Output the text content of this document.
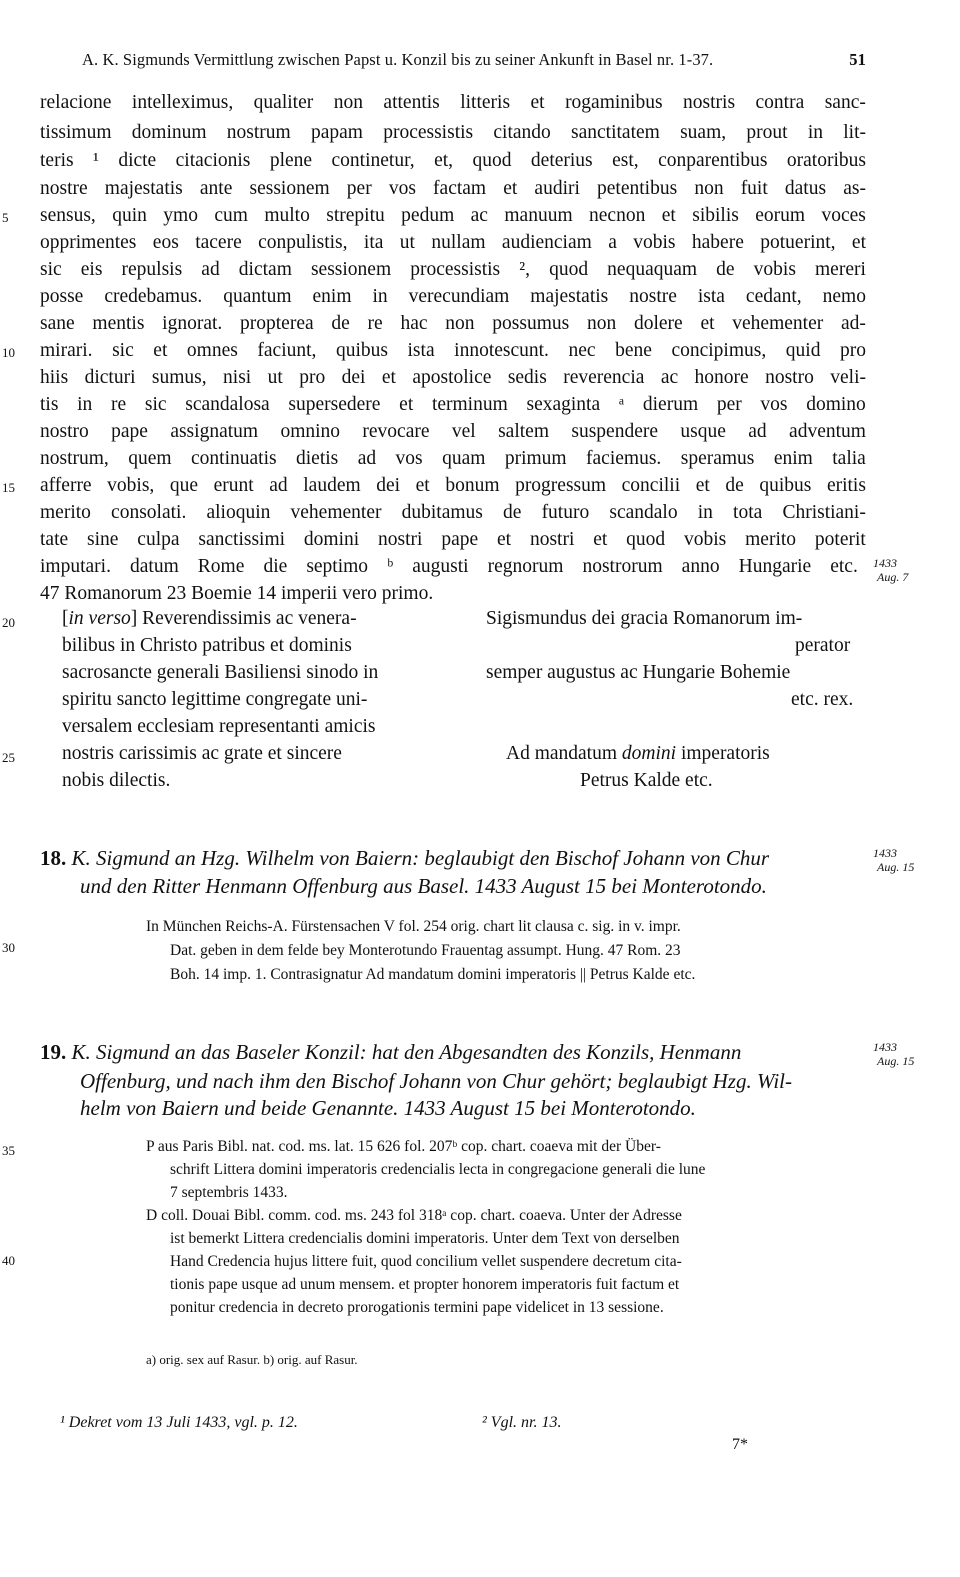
A. K. Sigmunds Vermittlung zwischen Papst u. Konzil bis zu seiner Ankunft in Basel nr. 1-37.	51
relacione intelleximus, qualiter non attentis litteris et rogaminibus nostris contra sanc-
tissimum dominum nostrum papam processistis citando sanctitatem suam, prout in lit-
teris ¹ dicte citacionis plene continetur, et, quod deterius est, conparentibus oratoribus
nostre majestatis ante sessionem per vos factam et audiri petentibus non fuit datus as-
sensus, quin ymo cum multo strepitu pedum ac manuum necnon et sibilis eorum voces
opprimentes eos tacere conpulistis, ita ut nullam audienciam a vobis habere potuerint, et
sic eis repulsis ad dictam sessionem processistis ², quod nequaquam de vobis mereri
posse credebamus. quantum enim in verecundiam majestatis nostre ista cedant, nemo
sane mentis ignorat. propterea de re hac non possumus non dolere et vehementer ad-
mirari. sic et omnes faciunt, quibus ista innotescunt. nec bene concipimus, quid pro
hiis dicturi sumus, nisi ut pro dei et apostolice sedis reverencia ac honore nostro veli-
tis in re sic scandalosa supersedere et terminum sexaginta ᵃ dierum per vos domino
nostro pape assignatum omnino revocare vel saltem suspendere usque ad adventum
nostrum, quem continuatis dietis ad vos quam primum faciemus. speramus enim talia
afferre vobis, que erunt ad laudem dei et bonum progressum concilii et de quibus eritis
merito consolati. alioquin vehementer dubitamus de futuro scandalo in tota Christiani-
tate sine culpa sanctissimi domini nostri pape et nostri et quod vobis merito poterit
imputari. datum Rome die septimo ᵇ augusti regnorum nostrorum anno Hungarie etc.
47 Romanorum 23 Boemie 14 imperii vero primo.
5
10
15
20
25
30
35
40
1433
Aug. 7
[in verso] Reverendissimis ac venera-
bilibus in Christo patribus et dominis
sacrosancte generali Basiliensi sinodo in
spiritu sancto legittime congregate uni-
versalem ecclesiam representanti amicis
nostris carissimis ac grate et sincere
nobis dilectis.
Sigismundus dei gracia Romanorum im-
perator
semper augustus ac Hungarie Bohemie
etc. rex.
Ad mandatum domini imperatoris
Petrus Kalde etc.
18. K. Sigmund an Hzg. Wilhelm von Baiern: beglaubigt den Bischof Johann von Chur
und den Ritter Henmann Offenburg aus Basel. 1433 August 15 bei Monterotondo.
1433
Aug. 15
In München Reichs-A. Fürstensachen V fol. 254 orig. chart lit clausa c. sig. in v. impr.
Dat. geben in dem felde bey Monterotundo Frauentag assumpt. Hung. 47 Rom. 23
Boh. 14 imp. 1. Contrasignatur Ad mandatum domini imperatoris || Petrus Kalde etc.
19. K. Sigmund an das Baseler Konzil: hat den Abgesandten des Konzils, Henmann
Offenburg, und nach ihm den Bischof Johann von Chur gehört; beglaubigt Hzg. Wil-
helm von Baiern und beide Genannte. 1433 August 15 bei Monterotondo.
1433
Aug. 15
P aus Paris Bibl. nat. cod. ms. lat. 15 626 fol. 207ᵇ cop. chart. coaeva mit der Über-
schrift Littera domini imperatoris credencialis lecta in congregacione generali die lune
7 septembris 1433.
D coll. Douai Bibl. comm. cod. ms. 243 fol 318ᵃ cop. chart. coaeva. Unter der Adresse
ist bemerkt Littera credencialis domini imperatoris. Unter dem Text von derselben
Hand Credencia hujus littere fuit, quod concilium vellet suspendere decretum cita-
tionis pape usque ad unum mensem. et propter honorem imperatoris fuit factum et
ponitur credencia in decreto prorogationis termini pape videlicet in 13 sessione.
a) orig. sex auf Rasur. b) orig. auf Rasur.
¹ Dekret vom 13 Juli 1433, vgl. p. 12.	² Vgl. nr. 13.
7*
